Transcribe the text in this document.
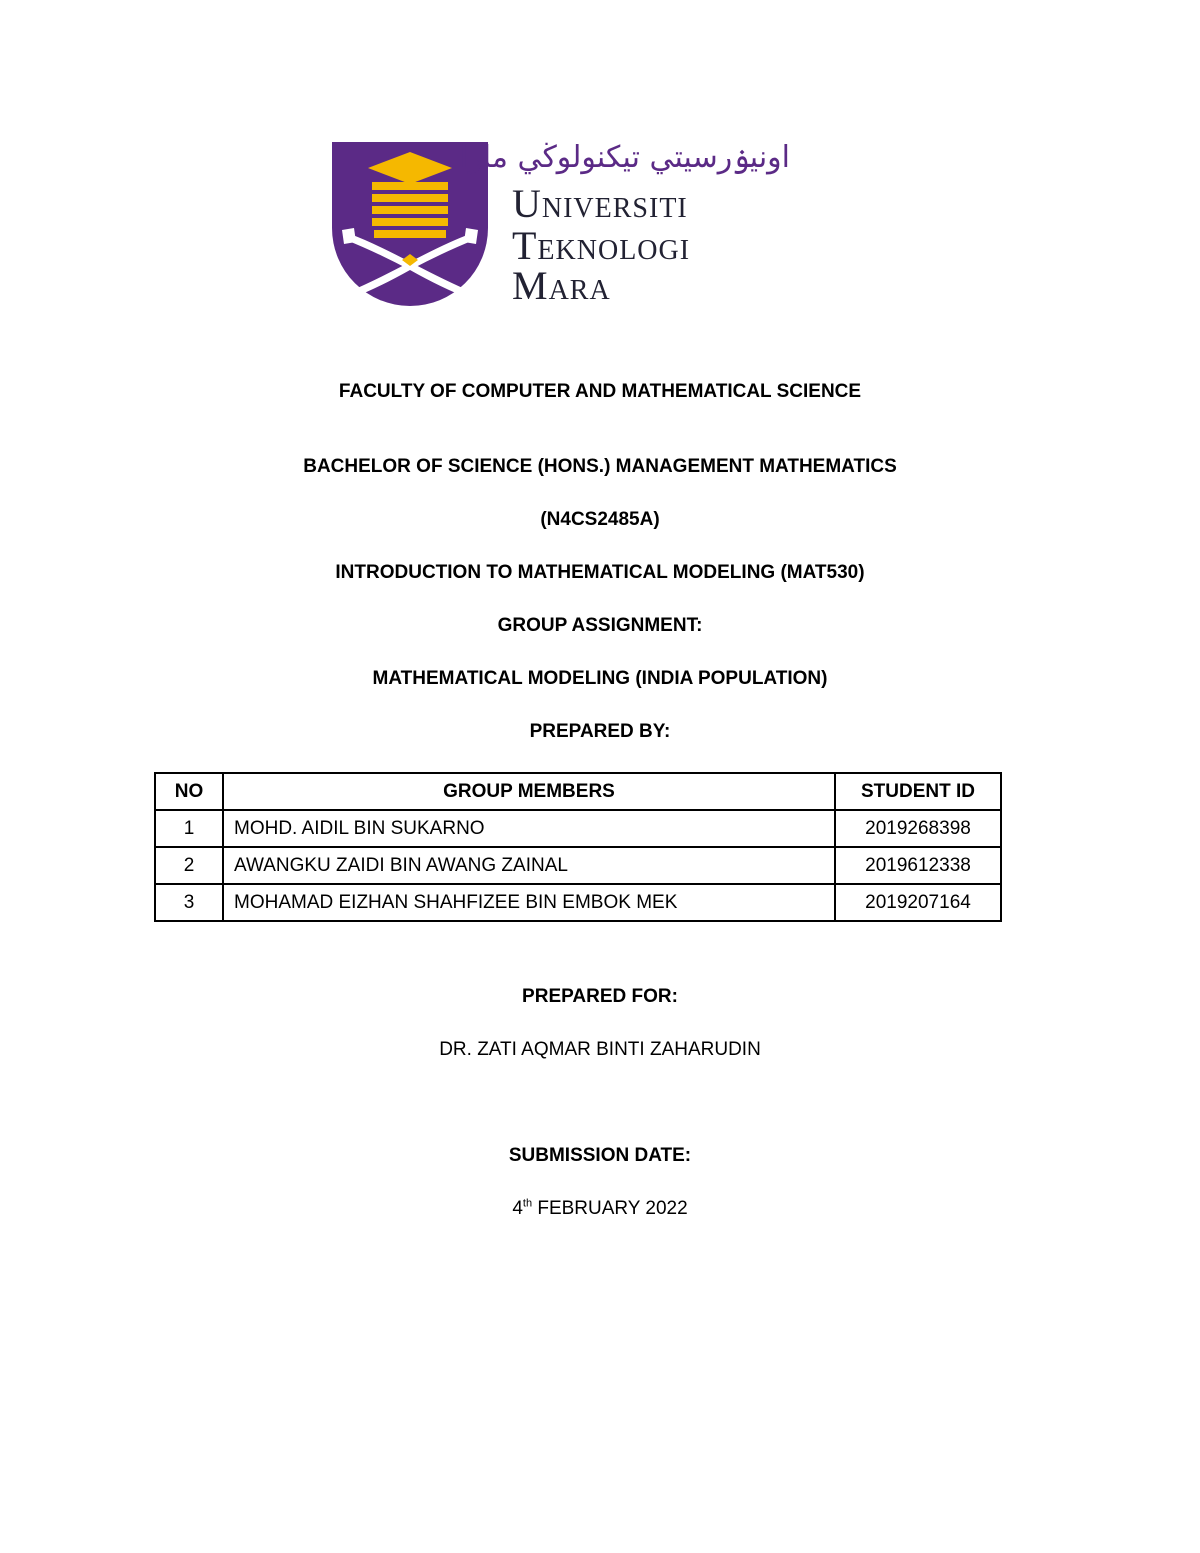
اونيۏرسيتي تيكنولوڬي مارا
Universiti
Teknologi
Mara
FACULTY OF COMPUTER AND MATHEMATICAL SCIENCE
BACHELOR OF SCIENCE (HONS.) MANAGEMENT MATHEMATICS
(N4CS2485A)
INTRODUCTION TO MATHEMATICAL MODELING (MAT530)
GROUP ASSIGNMENT:
MATHEMATICAL MODELING (INDIA POPULATION)
PREPARED BY:
NO	GROUP MEMBERS	STUDENT ID
1	MOHD. AIDIL BIN SUKARNO	2019268398
2	AWANGKU ZAIDI BIN AWANG ZAINAL	2019612338
3	MOHAMAD EIZHAN SHAHFIZEE BIN EMBOK MEK	2019207164
PREPARED FOR:
DR. ZATI AQMAR BINTI ZAHARUDIN
SUBMISSION DATE:
4th FEBRUARY 2022
